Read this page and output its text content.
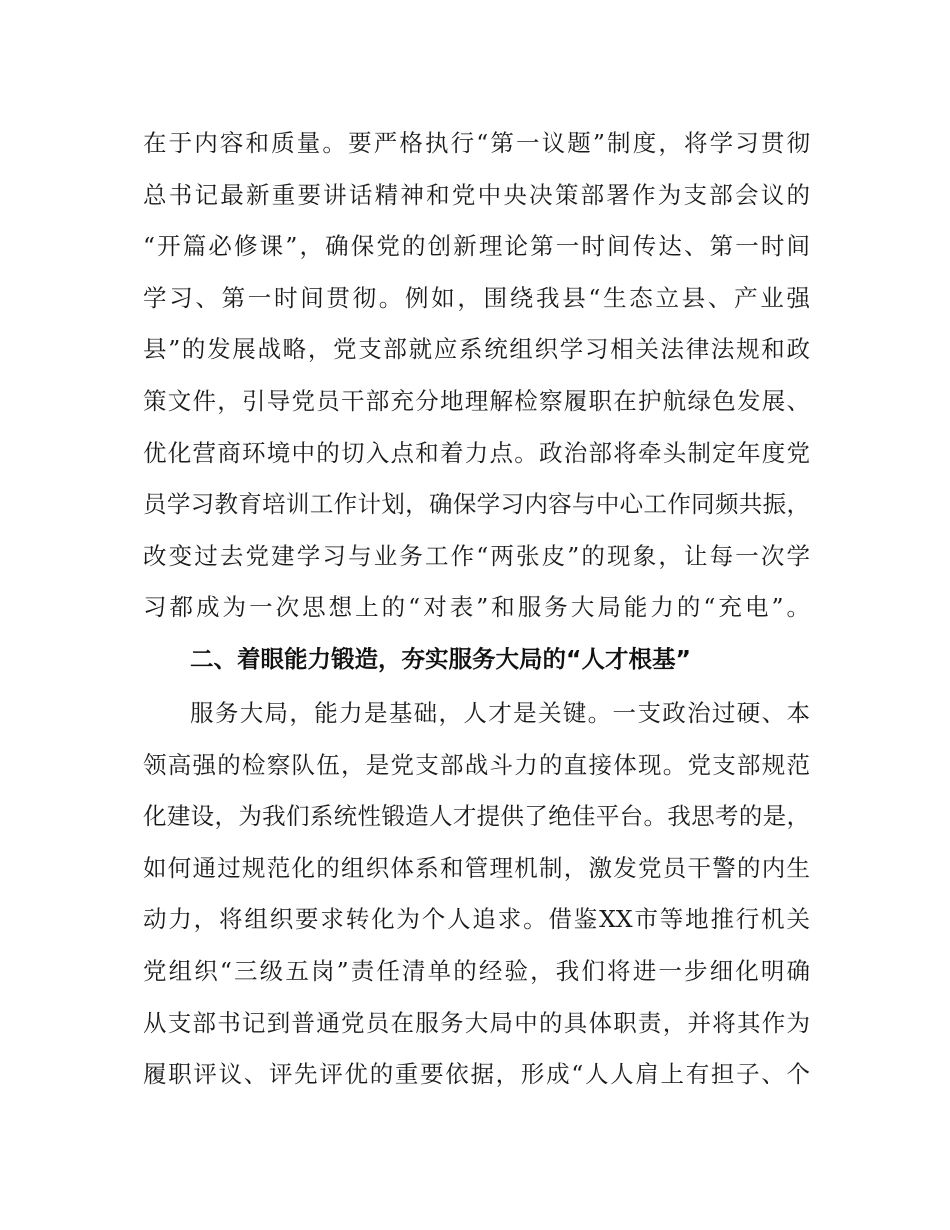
在于内容和质量。要严格执行“第一议题”制度，将学习贯彻
总书记最新重要讲话精神和党中央决策部署作为支部会议的
“开篇必修课”，确保党的创新理论第一时间传达、第一时间
学习、第一时间贯彻。例如，围绕我县“生态立县、产业强
县”的发展战略，党支部就应系统组织学习相关法律法规和政
策文件，引导党员干部充分地理解检察履职在护航绿色发展、
优化营商环境中的切入点和着力点。政治部将牵头制定年度党
员学习教育培训工作计划，确保学习内容与中心工作同频共振，
改变过去党建学习与业务工作“两张皮”的现象，让每一次学
习都成为一次思想上的“对表”和服务大局能力的“充电”。
二、着眼能力锻造，夯实服务大局的“人才根基”
服务大局，能力是基础，人才是关键。一支政治过硬、本
领高强的检察队伍，是党支部战斗力的直接体现。党支部规范
化建设，为我们系统性锻造人才提供了绝佳平台。我思考的是，
如何通过规范化的组织体系和管理机制，激发党员干警的内生
动力，将组织要求转化为个人追求。借鉴XX市等地推行机关
党组织“三级五岗”责任清单的经验，我们将进一步细化明确
从支部书记到普通党员在服务大局中的具体职责，并将其作为
履职评议、评先评优的重要依据，形成“人人肩上有担子、个
